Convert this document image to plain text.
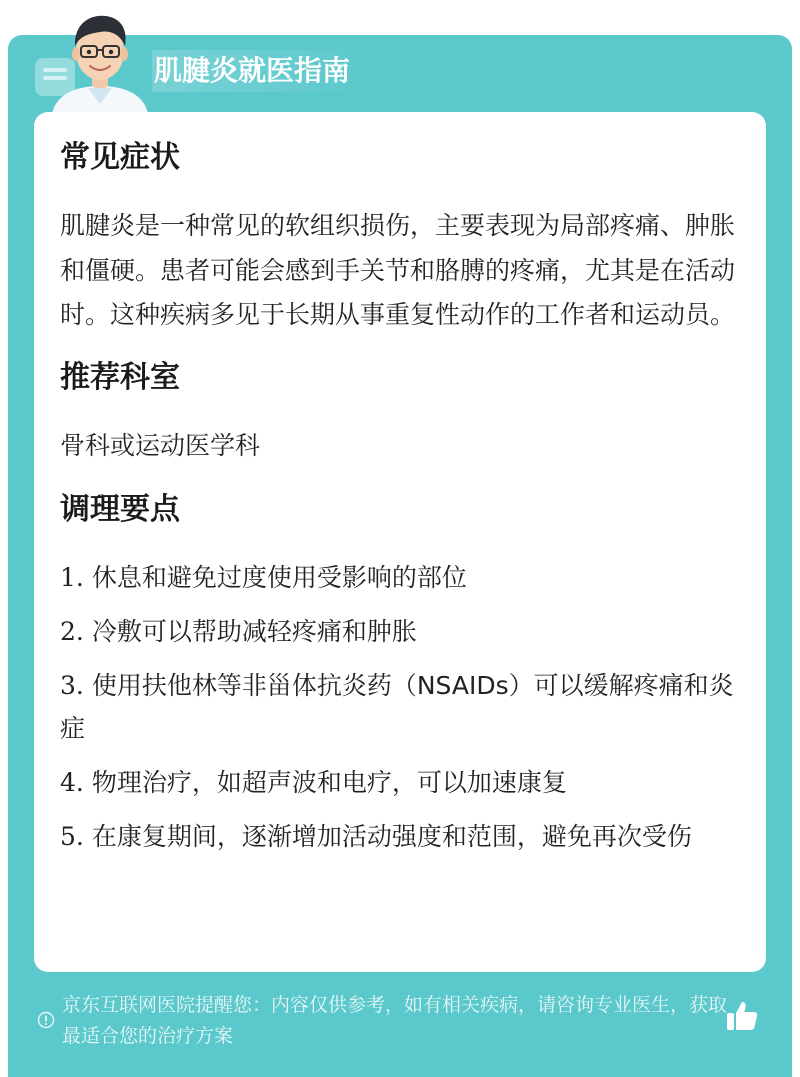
肌腱炎就医指南
常见症状

肌腱炎是一种常见的软组织损伤，主要表现为局部疼痛、肿胀和僵硬。患者可能会感到手关节和胳膊的疼痛，尤其是在活动时。这种疾病多见于长期从事重复性动作的工作者和运动员。

推荐科室

骨科或运动医学科

调理要点
1. 休息和避免过度使用受影响的部位
2. 冷敷可以帮助减轻疼痛和肿胀
3. 使用扶他林等非甾体抗炎药（NSAIDs）可以缓解疼痛和炎症
4. 物理治疗，如超声波和电疗，可以加速康复
5. 在康复期间，逐渐增加活动强度和范围，避免再次受伤
京东互联网医院提醒您：内容仅供参考，如有相关疾病，请咨询专业医生，获取最适合您的治疗方案
